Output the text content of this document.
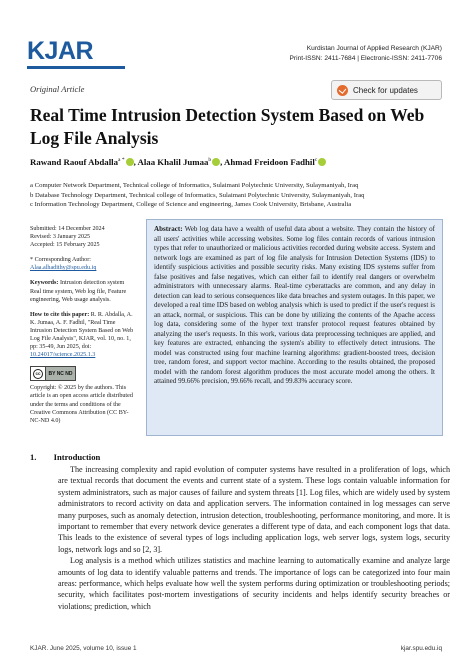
KJAR	Kurdistan Journal of Applied Research (KJAR)
Print-ISSN: 2411-7684 | Electronic-ISSN: 2411-7706
Original Article	Check for updates
Real Time Intrusion Detection System Based on Web Log File Analysis
Rawand Raouf Abdalla$^{a *}$ , Alaa Khalil Jumaa$^b$ , Ahmad Freidoon Fadhil$^c$
a Computer Network Department, Technical college of Informatics, Sulaimani Polytechnic University, Sulaymaniyah, Iraq
b Database Technology Department, Technical college of Informatics, Sulaimani Polytechnic University, Sulaymaniyah, Iraq
c Information Technology Department, College of Science and engineering, James Cook University, Brisbane, Australia
Submitted: 14 December 2024
Revised: 3 January 2025
Accepted: 15 February 2025
* Corresponding Author:
Alaa.alhadithy@spu.edu.iq
Keywords: Intrusion detection system Real time system, Web log file, Feature engineering, Web usage analysis.
How to cite this paper: R. R. Abdalla, A. K. Jumaa, A. F. Fadhil, "Real Time Intrusion Detection System Based on Web Log File Analysis", KJAR, vol. 10, no. 1, pp: 35-49, Jun 2025, doi: 10.24017/science.2025.1.3
cc	BY NC ND
Copyright: © 2025 by the authors. This article is an open access article distributed under the terms and conditions of the Creative Commons Attribution (CC BY-NC-ND 4.0)
Abstract: Web log data have a wealth of useful data about a website. They contain the history of all users' activities while accessing websites. Some log files contain records of various intrusion types that refer to unauthorized or malicious activities recorded during website access. System and network logs are examined as part of log file analysis for Intrusion Detection Systems (IDS) to identify suspicious activities and possible security risks. Many existing IDS systems suffer from false positives and false negatives, which can either fail to identify real dangers or overwhelm administrators with unnecessary alarms. Real-time cyberattacks are common, and any delay in detection can lead to serious consequences like data breaches and system outages. In this paper, we developed a real time IDS based on weblog analysis which is used to predict if the user's request is an attack, normal, or suspicious. This can be done by utilizing the contents of the Apache access log data, considering some of the hyper text transfer protocol request features obtained by analyzing the user's requests. In this work, various data preprocessing techniques are applied, and key features are extracted, enhancing the system's ability to effectively detect intrusions. The model was constructed using four machine learning algorithms: gradient-boosted trees, decision tree, random forest, and support vector machine. According to the results obtained, the proposed model with the random forest algorithm produces the most accurate model among the others. It attained 99.66% precision, 99.66% recall, and 99.83% accuracy score.
1.  Introduction

The increasing complexity and rapid evolution of computer systems have resulted in a proliferation of logs, which are textual records that document the events and current state of a system. These logs contain valuable information for system administrators, such as major causes of failure and system threats [1]. Log files, which are widely used by system administrators to record activity on data and application servers. The information contained in log messages can serve many purposes, such as anomaly detection, intrusion detection, troubleshooting, performance monitoring, and more. It is important to remember that every network device generates a different type of data, and each component logs that data. This leads to the existence of several types of logs including application logs, web server logs, system logs, security logs, network logs and so [2, 3].

Log analysis is a method which utilizes statistics and machine learning to automatically examine and analyze large amounts of log data to identify valuable patterns and trends. The importance of logs can be categorized into four main areas: performance, which helps evaluate how well the system performs during optimization or troubleshooting periods; security, which facilitates post-mortem investigations of security incidents and helps identify security breaches or violations; prediction, which

KJAR. June 2025, volume 10, issue 1	kjar.spu.edu.iq
